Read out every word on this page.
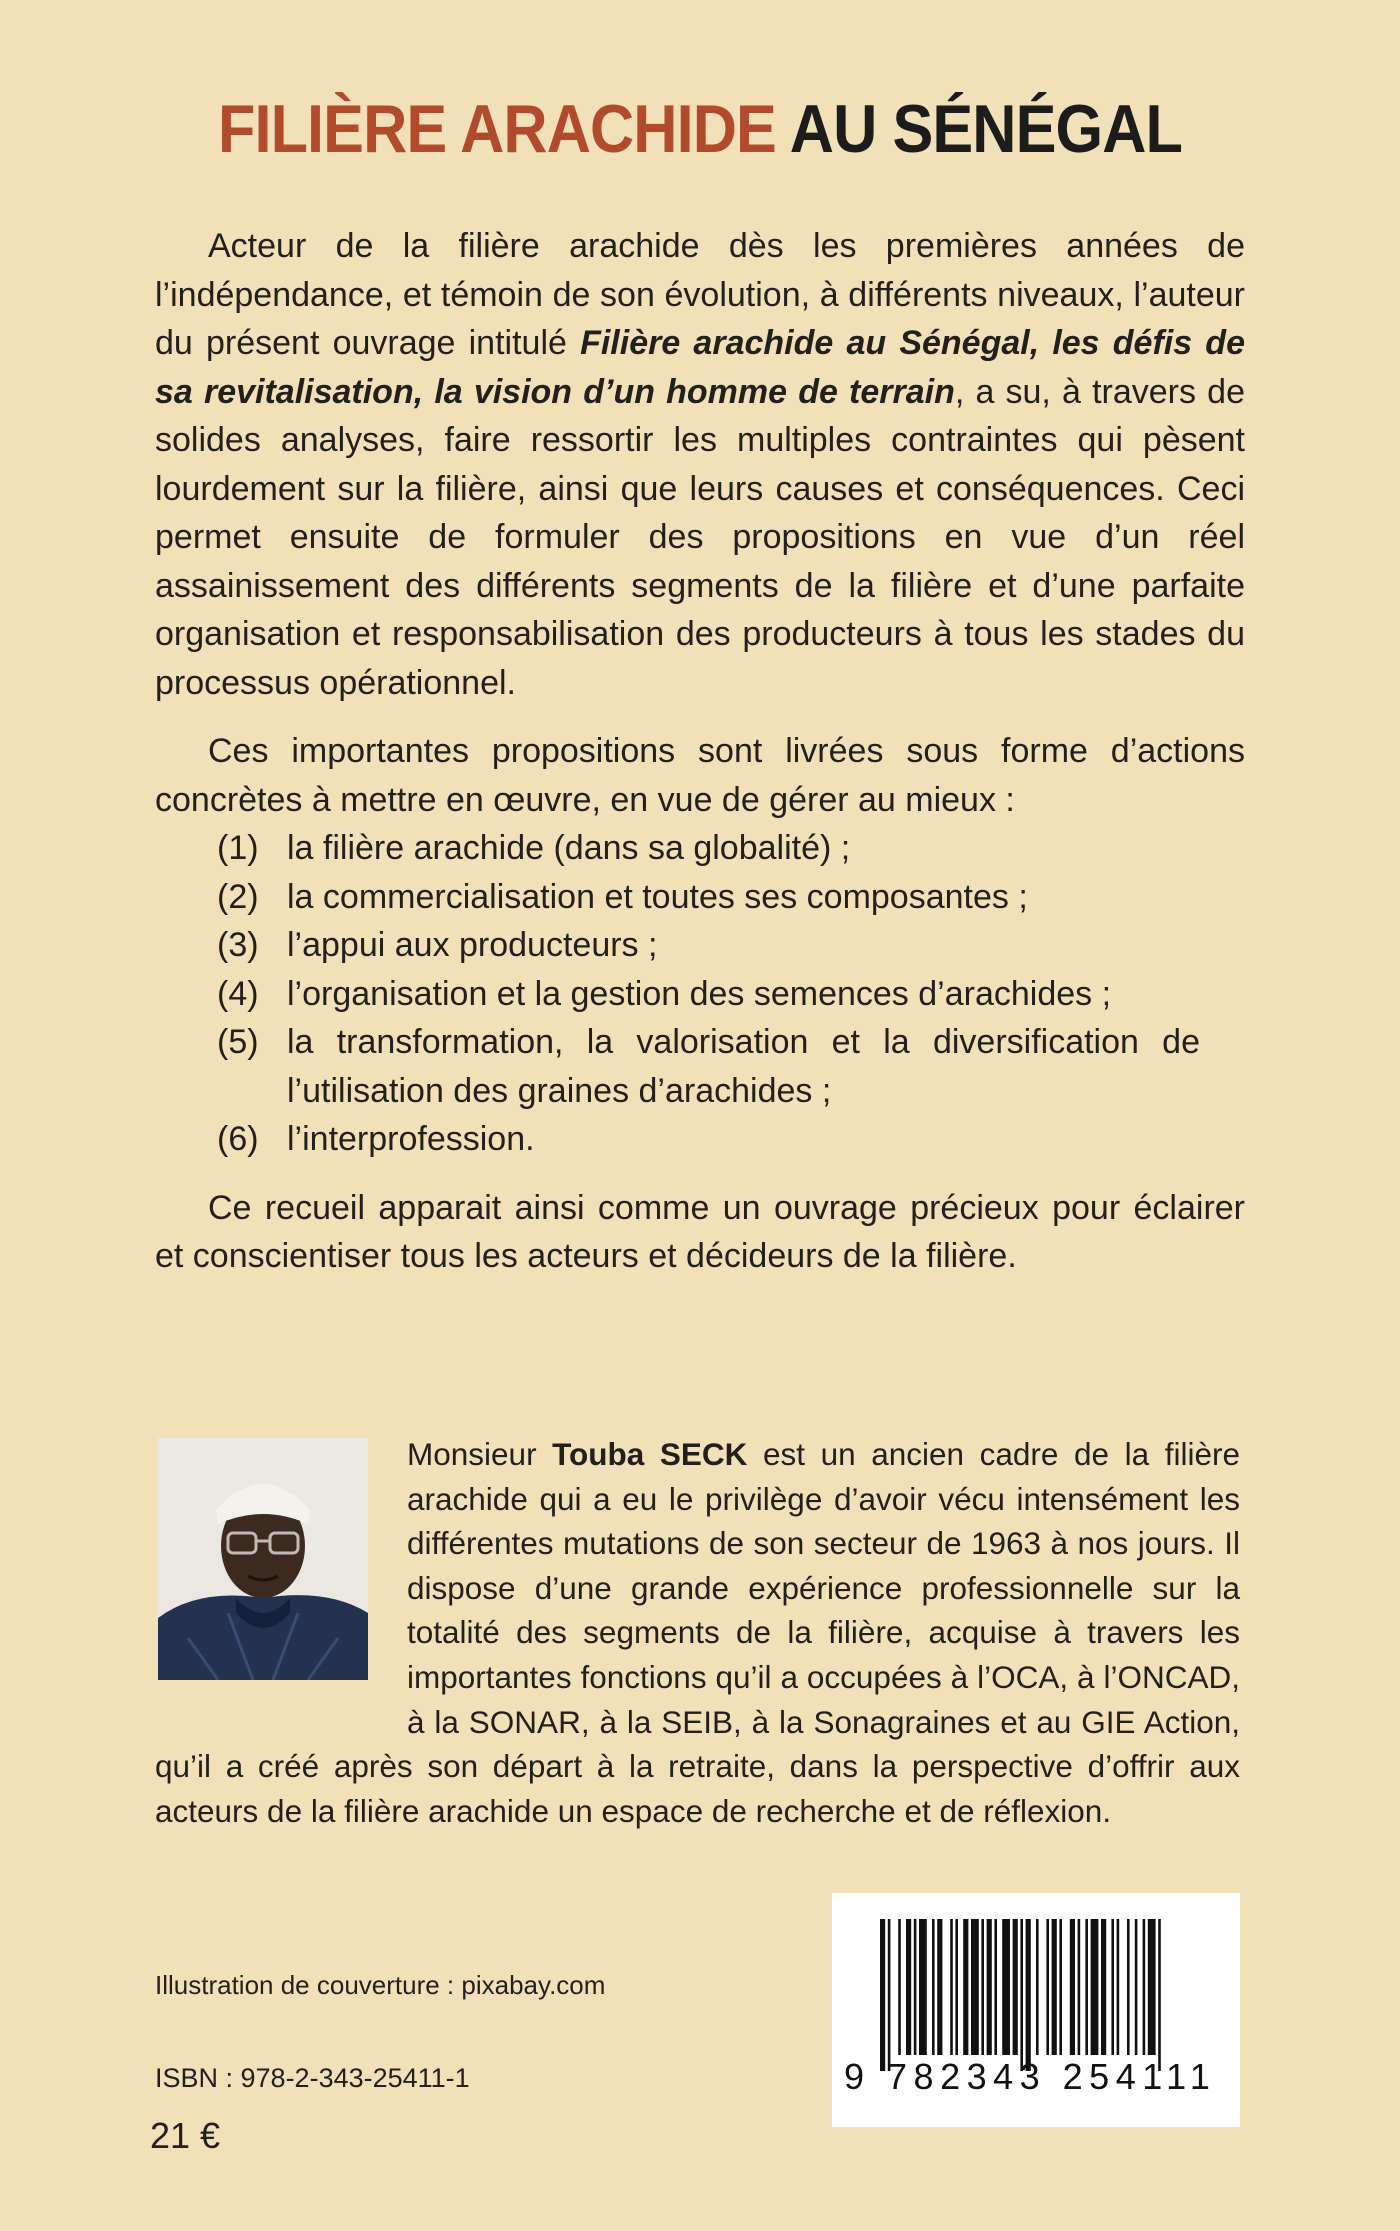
FILIÈRE ARACHIDE AU SÉNÉGAL

Acteur de la filière arachide dès les premières années de l’indépendance, et témoin de son évolution, à différents niveaux, l’auteur du présent ouvrage intitulé Filière arachide au Sénégal, les défis de sa revitalisation, la vision d’un homme de terrain, a su, à travers de solides analyses, faire ressortir les multiples contraintes qui pèsent lourdement sur la filière, ainsi que leurs causes et conséquences. Ceci permet ensuite de formuler des propositions en vue d’un réel assainissement des différents segments de la filière et d’une parfaite organisation et responsabilisation des producteurs à tous les stades du processus opérationnel.

Ces importantes propositions sont livrées sous forme d’actions concrètes à mettre en œuvre, en vue de gérer au mieux :

(1) la filière arachide (dans sa globalité) ;
(2) la commercialisation et toutes ses composantes ;
(3) l’appui aux producteurs ;
(4) l’organisation et la gestion des semences d’arachides ;
(5) la transformation, la valorisation et la diversification de l’utilisation des graines d’arachides ;
(6) l’interprofession.

Ce recueil apparait ainsi comme un ouvrage précieux pour éclairer et conscientiser tous les acteurs et décideurs de la filière.

Monsieur Touba SECK est un ancien cadre de la filière arachide qui a eu le privilège d’avoir vécu intensément les différentes mutations de son secteur de 1963 à nos jours. Il dispose d’une grande expérience professionnelle sur la totalité des segments de la filière, acquise à travers les importantes fonctions qu’il a occupées à l’OCA, à l’ONCAD, à la SONAR, à la SEIB, à la Sonagraines et au GIE Action, qu’il a créé après son départ à la retraite, dans la perspective d’offrir aux acteurs de la filière arachide un espace de recherche et de réflexion.
Illustration de couverture : pixabay.com
ISBN : 978-2-343-25411-1
21 €
9 782343 254111
